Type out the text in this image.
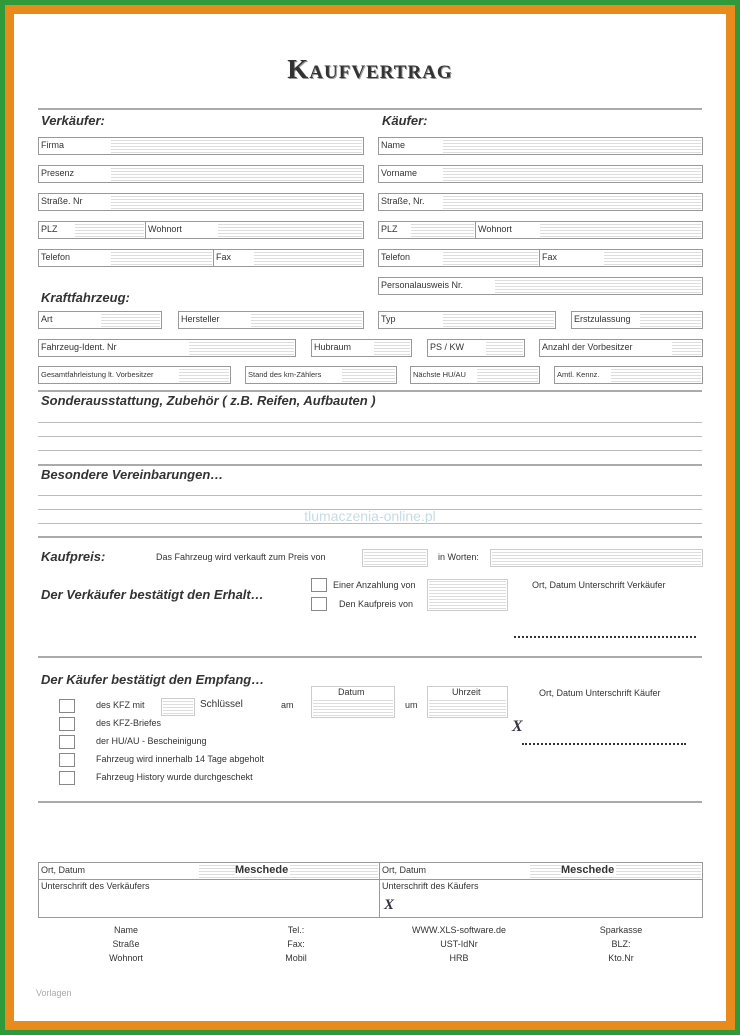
Kaufvertrag
Verkäufer:
Firma
Presenz
Straße. Nr
PLZ	Wohnort
Telefon	Fax
Käufer:
Name
Vorname
Straße, Nr.
PLZ	Wohnort
Telefon	Fax
Personalausweis Nr.
Kraftfahrzeug:
Art	Hersteller	Typ	Erstzulassung
Fahrzeug-Ident. Nr	Hubraum	PS / KW	Anzahl der Vorbesitzer
Gesamtfahrleistung lt. Vorbesitzer	Stand des km-Zählers	Nächste HU/AU	Amtl. Kennz.
Sonderausstattung, Zubehör ( z.B. Reifen, Aufbauten )
Besondere Vereinbarungen…
tlumaczenia-online.pl
Kaufpreis:	Das Fahrzeug wird verkauft zum Preis von	in Worten:
Der Verkäufer bestätigt den Erhalt…
Einer Anzahlung von
Den Kaufpreis von
Ort, Datum Unterschrift Verkäufer
Der Käufer bestätigt den Empfang…
des KFZ mit	Schlüssel	am
Datum
um
Uhrzeit	Ort, Datum Unterschrift Käufer
X
des KFZ-Briefes
der HU/AU - Bescheinigung
Fahrzeug wird innerhalb 14 Tage abgeholt
Fahrzeug History wurde durchgeschekt
Ort, Datum	Meschede
Unterschrift des Verkäufers
Ort, Datum	Meschede
Unterschrift des Käufers
X
Name
Straße
Wohnort
Tel.:
Fax:
Mobil
WWW.XLS-software.de
UST-IdNr
HRB
Sparkasse
BLZ:
Kto.Nr
Vorlagen
